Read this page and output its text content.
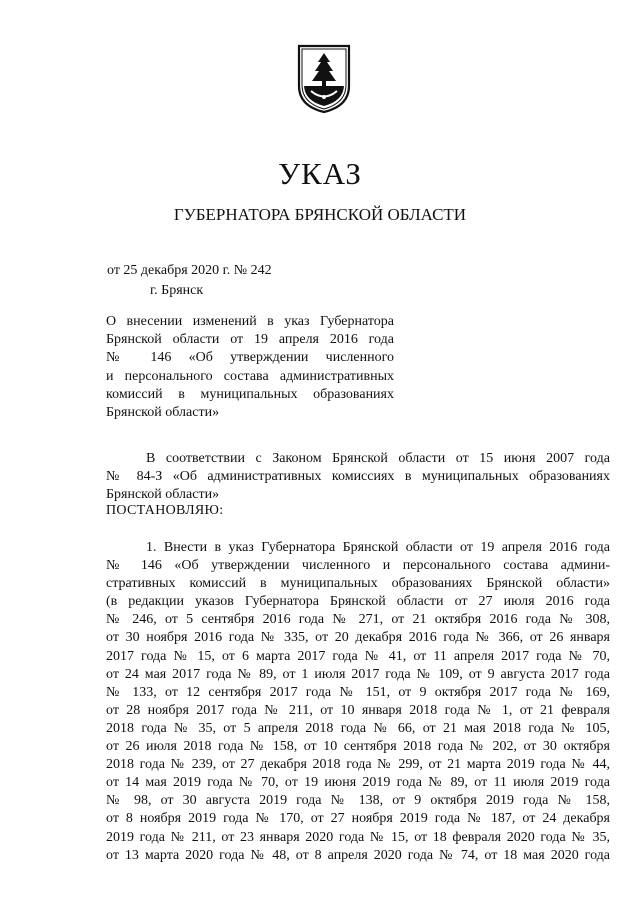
УКАЗ
ГУБЕРНАТОРА БРЯНСКОЙ ОБЛАСТИ
от 25 декабря 2020 г. № 242
г. Брянск
О внесении изменений в указ Губернатора
Брянской области от 19 апреля 2016 года
№ 146 «Об утверждении численного
и персонального состава административных
комиссий в муниципальных образованиях
Брянской области»
В соответствии с Законом Брянской области от 15 июня 2007 года
№ 84-З «Об административных комиссиях в муниципальных образованиях
Брянской области»
ПОСТАНОВЛЯЮ:
1. Внести в указ Губернатора Брянской области от 19 апреля 2016 года
№ 146 «Об утверждении численного и персонального состава админи-
стративных комиссий в муниципальных образованиях Брянской области»
(в редакции указов Губернатора Брянской области от 27 июля 2016 года
№ 246, от 5 сентября 2016 года № 271, от 21 октября 2016 года № 308,
от 30 ноября 2016 года № 335, от 20 декабря 2016 года № 366, от 26 января
2017 года № 15, от 6 марта 2017 года № 41, от 11 апреля 2017 года № 70,
от 24 мая 2017 года № 89, от 1 июля 2017 года № 109, от 9 августа 2017 года
№ 133, от 12 сентября 2017 года № 151, от 9 октября 2017 года № 169,
от 28 ноября 2017 года № 211, от 10 января 2018 года № 1, от 21 февраля
2018 года № 35, от 5 апреля 2018 года № 66, от 21 мая 2018 года № 105,
от 26 июля 2018 года № 158, от 10 сентября 2018 года № 202, от 30 октября
2018 года № 239, от 27 декабря 2018 года № 299, от 21 марта 2019 года № 44,
от 14 мая 2019 года № 70, от 19 июня 2019 года № 89, от 11 июля 2019 года
№ 98, от 30 августа 2019 года № 138, от 9 октября 2019 года № 158,
от 8 ноября 2019 года № 170, от 27 ноября 2019 года № 187, от 24 декабря
2019 года № 211, от 23 января 2020 года № 15, от 18 февраля 2020 года № 35,
от 13 марта 2020 года № 48, от 8 апреля 2020 года № 74, от 18 мая 2020 года
